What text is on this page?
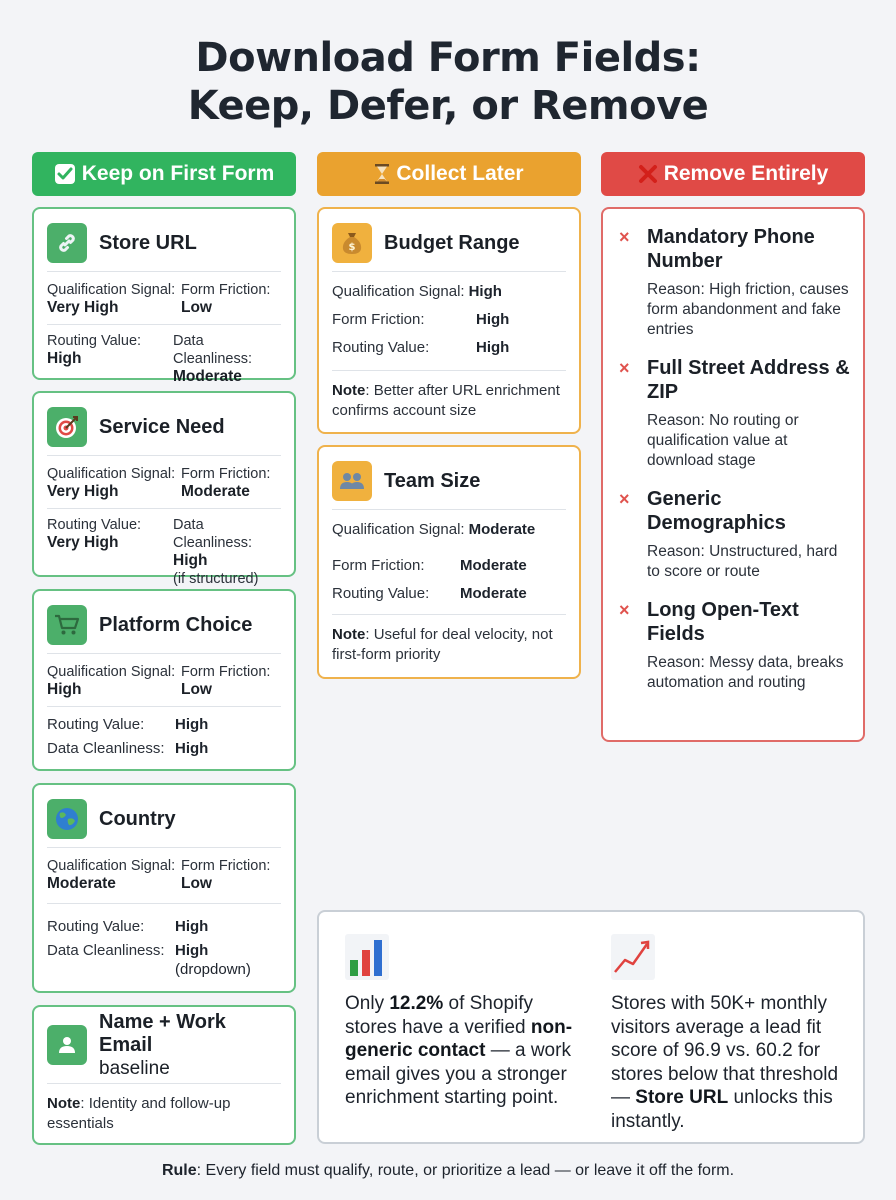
Download Form Fields:
Keep, Defer, or Remove
Keep on First Form	Collect Later	Remove Entirely
Store URL
Qualification Signal:
Very High
Form Friction:
Low
Routing Value:
High
Data Cleanliness:
Moderate
Service Need
Qualification Signal:
Very High
Form Friction:
Moderate
Routing Value:
Very High
Data Cleanliness:
High
(if structured)
Platform Choice
Qualification Signal:
High
Form Friction:
Low
Routing Value:	High
Data Cleanliness: High
Country
Qualification Signal:
Moderate
Form Friction:
Low
Routing Value:	High
Data Cleanliness: High
(dropdown)
Name + Work Email
baseline
Note: Identity and follow-up essentials
$ Budget Range
Qualification Signal: High
Form Friction:	High
Routing Value:	High
Note: Better after URL enrichment confirms account size
Team Size
Qualification Signal: Moderate
Form Friction:	Moderate
Routing Value:	Moderate
Note: Useful for deal velocity, not first-form priority
× Mandatory Phone Number
Reason: High friction, causes form abandonment and fake entries
× Full Street Address & ZIP
Reason: No routing or qualification value at download stage
× Generic Demographics
Reason: Unstructured, hard to score or route
× Long Open-Text Fields
Reason: Messy data, breaks automation and routing
Only 12.2% of Shopify stores have a verified non-generic contact — a work email gives you a stronger enrichment starting point.
Stores with 50K+ monthly visitors average a lead fit score of 96.9 vs. 60.2 for stores below that threshold — Store URL unlocks this instantly.
Rule: Every field must qualify, route, or prioritize a lead — or leave it off the form.
